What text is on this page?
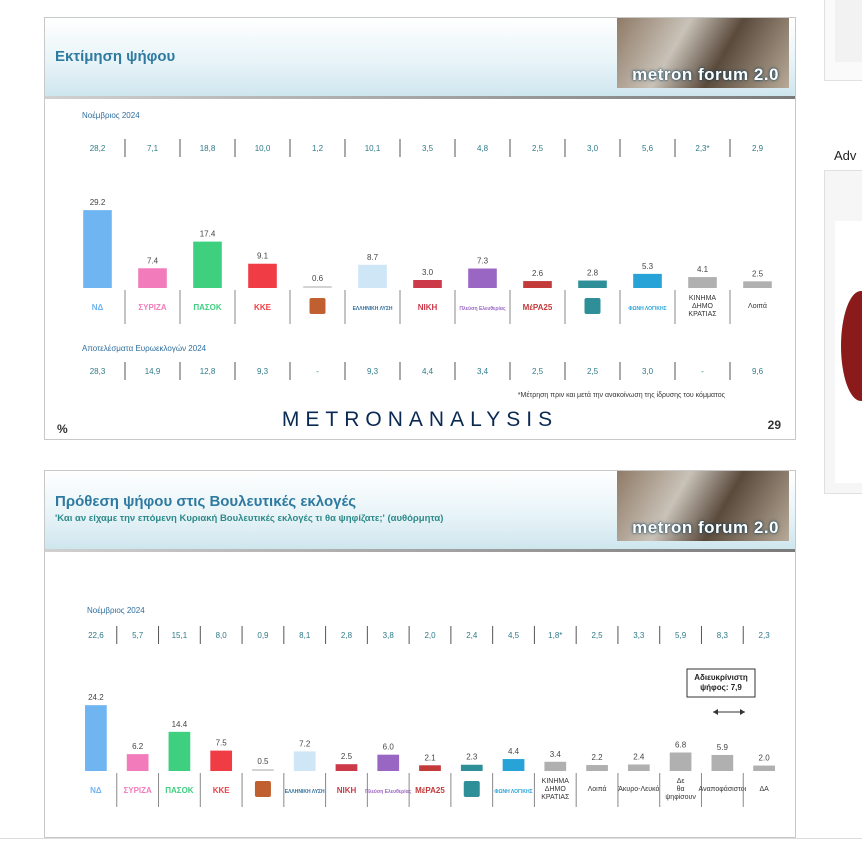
Εκτίμηση ψήφου
metron forum 2.0
Νοέμβριος 2024
28,2	7,1	18,8	10,0	1,2	10,1	3,5	4,8	2,5	3,0	5,6	2,3*	2,9
Αποτελέσματα Ευρωεκλογών 2024
28,3	14,9	12,8	9,3	-	9,3	4,4	3,4	2,5	2,5	3,0	-	9,6
29.2
ΝΔ
7.4
ΣΥΡΙΖΑ
17.4
ΠΑΣΟΚ
9.1
ΚΚΕ
0.6
8.7
ΕΛΛΗΝΙΚΗ ΛΥΣΗ
3.0
ΝΙΚΗ
7.3
Πλεύση Ελευθερίας
2.6
ΜέΡΑ25
2.8
5.3
ΦΩΝΗ ΛΟΓΙΚΗΣ
4.1
ΚΙΝΗΜΑ ΔΗΜΟ ΚΡΑΤΙΑΣ
2.5
Λοιπά
*Μέτρηση πριν και μετά την ανακοίνωση της ίδρυσης του κόμματος
METRONANALYSIS
%	29
Πρόθεση ψήφου στις Βουλευτικές εκλογές
'Και αν είχαμε την επόμενη Κυριακή Βουλευτικές εκλογές τι θα ψηφίζατε;' (αυθόρμητα)	metron forum 2.0
Νοέμβριος 2024
22,6	5,7	15,1	8,0	0,9	8,1	2,8	3,8	2,0	2,4	4,5	1,8*	2,5	3,3	5,9	8,3	2,3
24.2
ΝΔ
6.2
ΣΥΡΙΖΑ
14.4
ΠΑΣΟΚ
7.5
ΚΚΕ
0.5
7.2
ΕΛΛΗΝΙΚΗ ΛΥΣΗ
2.5
ΝΙΚΗ
6.0
Πλεύση Ελευθερίας
2.1
ΜέΡΑ25
2.3
4.4
ΦΩΝΗ ΛΟΓΙΚΗΣ
3.4
ΚΙΝΗΜΑ ΔΗΜΟ ΚΡΑΤΙΑΣ
2.2
Λοιπά
2.4
Άκυρο-Λευκό
6.8
Δε θα ψηφίσουν
5.9
Αναποφάσιστοι
2.0
ΔΑ
Αδιευκρίνιστη ψήφος: 7,9
Adv
